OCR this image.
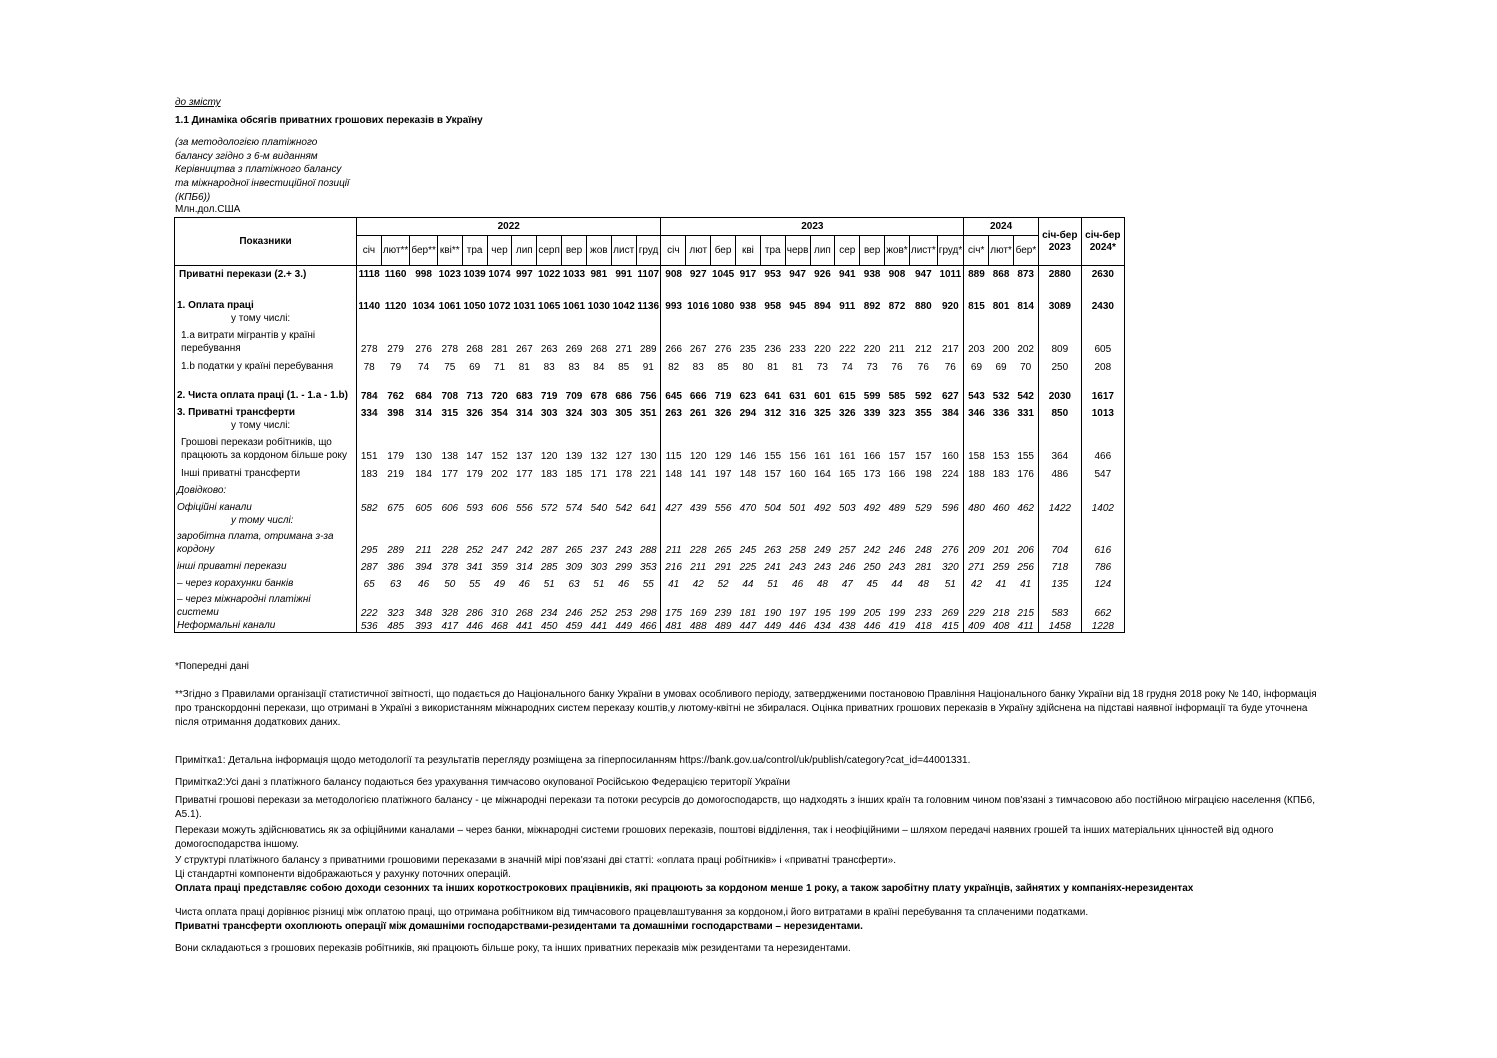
до змісту
1.1 Динаміка обсягів приватних грошових переказів в Україну
(за методологією платіжного балансу згідно з 6-м виданням Керівництва з платіжного балансу та міжнародної інвестиційної позиції (КПБ6))
Млн.дол.США
Показники	2022												2023												2024			січ-бер 2023	січ-бер 2024*
	січ	лют**	бер**	кві**	тра	чер	лип	серп	вер	жов	лист	груд	січ	лют	бер	кві	тра	черв	лип	сер	вер	жов*	лист*	груд*	січ*	лют*	бер*		
Приватні перекази (2.+ 3.)	1118	1160	998	1023	1039	1074	997	1022	1033	981	991	1107	908	927	1045	917	953	947	926	941	938	908	947	1011	889	868	873	2880	2630

1. Оплата праці	1140	1120	1034	1061	1050	1072	1031	1065	1061	1030	1042	1136	993	1016	1080	938	958	945	894	911	892	872	880	920	815	801	814	3089	2430
у тому числі:																													
1.а витрати мігрантів у країні перебування	278	279	276	278	268	281	267	263	269	268	271	289	266	267	276	235	236	233	220	222	220	211	212	217	203	200	202	809	605
1.b податки у країні перебування	78	79	74	75	69	71	81	83	83	84	85	91	82	83	85	80	81	81	73	74	73	76	76	76	69	69	70	250	208
2. Чиста оплата праці (1. - 1.а - 1.b)	784	762	684	708	713	720	683	719	709	678	686	756	645	666	719	623	641	631	601	615	599	585	592	627	543	532	542	2030	1617
3. Приватні трансферти	334	398	314	315	326	354	314	303	324	303	305	351	263	261	326	294	312	316	325	326	339	323	355	384	346	336	331	850	1013
у тому числі:																													
Грошові перекази робітників, що працюють за кордоном більше року	151	179	130	138	147	152	137	120	139	132	127	130	115	120	129	146	155	156	161	161	166	157	157	160	158	153	155	364	466
Інші приватні трансферти	183	219	184	177	179	202	177	183	185	171	178	221	148	141	197	148	157	160	164	165	173	166	198	224	188	183	176	486	547
Довідково:																													
Офіційні канали	582	675	605	606	593	606	556	572	574	540	542	641	427	439	556	470	504	501	492	503	492	489	529	596	480	460	462	1422	1402
у тому числі:																													
заробітна плата, отримана з-за кордону	295	289	211	228	252	247	242	287	265	237	243	288	211	228	265	245	263	258	249	257	242	246	248	276	209	201	206	704	616
інші приватні перекази	287	386	394	378	341	359	314	285	309	303	299	353	216	211	291	225	241	243	243	246	250	243	281	320	271	259	256	718	786
– через корахунки банків	65	63	46	50	55	49	46	51	63	51	46	55	41	42	52	44	51	46	48	47	45	44	48	51	42	41	41	135	124
– через міжнародні платіжні системи	222	323	348	328	286	310	268	234	246	252	253	298	175	169	239	181	190	197	195	199	205	199	233	269	229	218	215	583	662
Неформальні канали	536	485	393	417	446	468	441	450	459	441	449	466	481	488	489	447	449	446	434	438	446	419	418	415	409	408	411	1458	1228

*Попередні дані

**Згідно з Правилами організації статистичної звітності, що подається до Національного банку України в умовах особливого періоду, затвердженими постановою Правління Національного банку України від 18 грудня 2018 року № 140, інформація про транскордонні перекази, що отримані в Україні з використанням міжнародних систем переказу коштів,у лютому-квітні не збиралася. Оцінка приватних грошових переказів в Україну здійснена на підставі наявної інформації та буде уточнена після отримання додаткових даних.

Примітка1: Детальна інформація щодо методології та результатів перегляду розміщена за гіперпосиланням https://bank.gov.ua/control/uk/publish/category?cat_id=44001331.

Примітка2:Усі дані з платіжного балансу подаються без урахування тимчасово окупованої Російською Федерацією території України

Приватні грошові перекази за методологією платіжного балансу - це міжнародні перекази та потоки ресурсів до домогосподарств, що надходять з інших країн та головним чином пов'язані з тимчасовою або постійною міграцією населення (КПБ6, А5.1).

Перекази можуть здійснюватись як за офіційними каналами – через банки, міжнародні системи грошових переказів, поштові відділення, так і неофіційними – шляхом передачі наявних грошей та інших матеріальних цінностей від одного домогосподарства іншому.

У структурі платіжного балансу з приватними грошовими переказами в значній мірі пов'язані дві статті: «оплата праці робітників» і «приватні трансферти».

Ці стандартні компоненти відображаються у рахунку поточних операцій.

Оплата праці представляє собою доходи сезонних та інших короткострокових працівників, які працюють за кордоном менше 1 року, а також заробітну плату українців, зайнятих у компаніях-нерезидентах

Чиста оплата праці дорівнює різниці між оплатою праці, що отримана робітником від тимчасового працевлаштування за кордоном,і його витратами в країні перебування та сплаченими податками.

Приватні трансферти охоплюють операції між домашніми господарствами-резидентами та домашніми господарствами – нерезидентами.

Вони складаються з грошових переказів робітників, які працюють більше року, та інших приватних переказів між резидентами та нерезидентами.
